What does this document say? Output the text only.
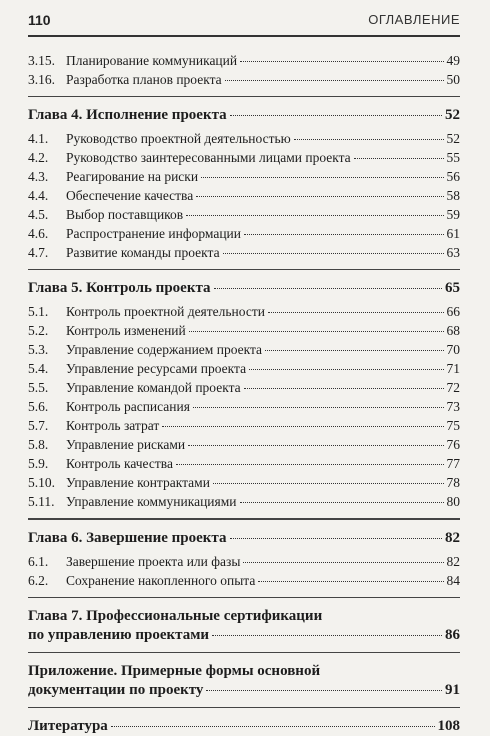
110	ОГЛАВЛЕНИЕ
3.15. Планирование коммуникаций	49
3.16. Разработка планов проекта	50
Глава 4. Исполнение проекта	52
4.1.	Руководство проектной деятельностью	52
4.2.	Руководство заинтересованными лицами проекта	55
4.3.	Реагирование на риски	56
4.4.	Обеспечение качества	58
4.5.	Выбор поставщиков	59
4.6.	Распространение информации	61
4.7.	Развитие команды проекта	63
Глава 5. Контроль проекта	65
5.1.	Контроль проектной деятельности	66
5.2.	Контроль изменений	68
5.3.	Управление содержанием проекта	70
5.4.	Управление ресурсами проекта	71
5.5.	Управление командой проекта	72
5.6.	Контроль расписания	73
5.7.	Контроль затрат	75
5.8.	Управление рисками	76
5.9.	Контроль качества	77
5.10. Управление контрактами	78
5.11. Управление коммуникациями	80
Глава 6. Завершение проекта	82
6.1.	Завершение проекта или фазы	82
6.2.	Сохранение накопленного опыта	84
Глава 7. Профессиональные сертификации
по управлению проектами	86
Приложение. Примерные формы основной
документации по проекту	91
Литература	108
